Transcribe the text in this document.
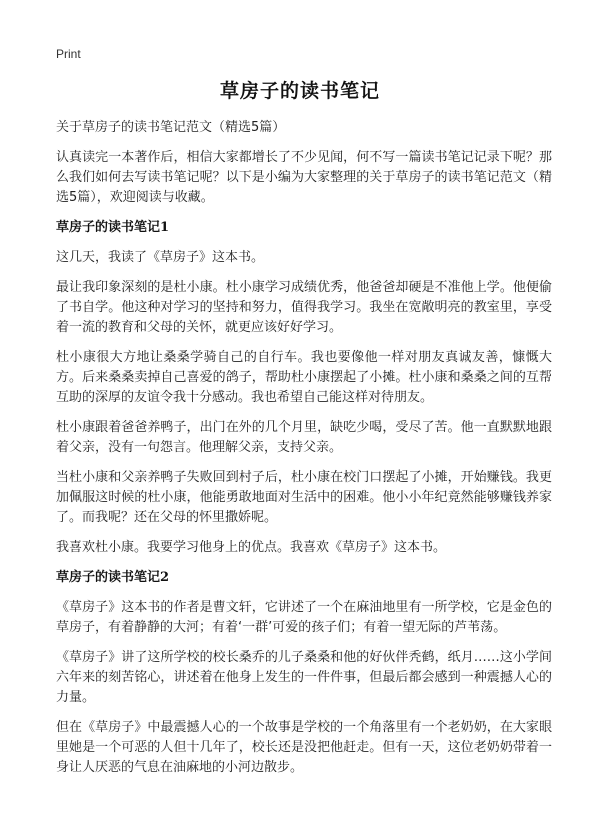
Print
草房子的读书笔记
关于草房子的读书笔记范文（精选5篇）

认真读完一本著作后，相信大家都增长了不少见闻，何不写一篇读书笔记记录下呢？那么我们如何去写读书笔记呢？以下是小编为大家整理的关于草房子的读书笔记范文（精选5篇），欢迎阅读与收藏。

草房子的读书笔记1

这几天，我读了《草房子》这本书。

最让我印象深刻的是杜小康。杜小康学习成绩优秀，他爸爸却硬是不准他上学。他便偷了书自学。他这种对学习的坚持和努力，值得我学习。我坐在宽敞明亮的教室里，享受着一流的教育和父母的关怀，就更应该好好学习。

杜小康很大方地让桑桑学骑自己的自行车。我也要像他一样对朋友真诚友善，慷慨大方。后来桑桑卖掉自己喜爱的鸽子，帮助杜小康摆起了小摊。杜小康和桑桑之间的互帮互助的深厚的友谊令我十分感动。我也希望自己能这样对待朋友。

杜小康跟着爸爸养鸭子，出门在外的几个月里，缺吃少喝，受尽了苦。他一直默默地跟着父亲，没有一句怨言。他理解父亲，支持父亲。

当杜小康和父亲养鸭子失败回到村子后，杜小康在校门口摆起了小摊，开始赚钱。我更加佩服这时候的杜小康，他能勇敢地面对生活中的困难。他小小年纪竟然能够赚钱养家了。而我呢？还在父母的怀里撒娇呢。

我喜欢杜小康。我要学习他身上的优点。我喜欢《草房子》这本书。

草房子的读书笔记2

《草房子》这本书的作者是曹文轩，它讲述了一个在麻油地里有一所学校，它是金色的草房子，有着静静的大河；有着‘一群’可爱的孩子们；有着一望无际的芦苇荡。

《草房子》讲了这所学校的校长桑乔的儿子桑桑和他的好伙伴秃鹤，纸月……这小学间六年来的刻苦铭心，讲述着在他身上发生的一件件事，但最后都会感到一种震撼人心的力量。

但在《草房子》中最震撼人心的一个故事是学校的一个角落里有一个老奶奶，在大家眼里她是一个可恶的人但十几年了，校长还是没把他赶走。但有一天，这位老奶奶带着一身让人厌恶的气息在油麻地的小河边散步。
